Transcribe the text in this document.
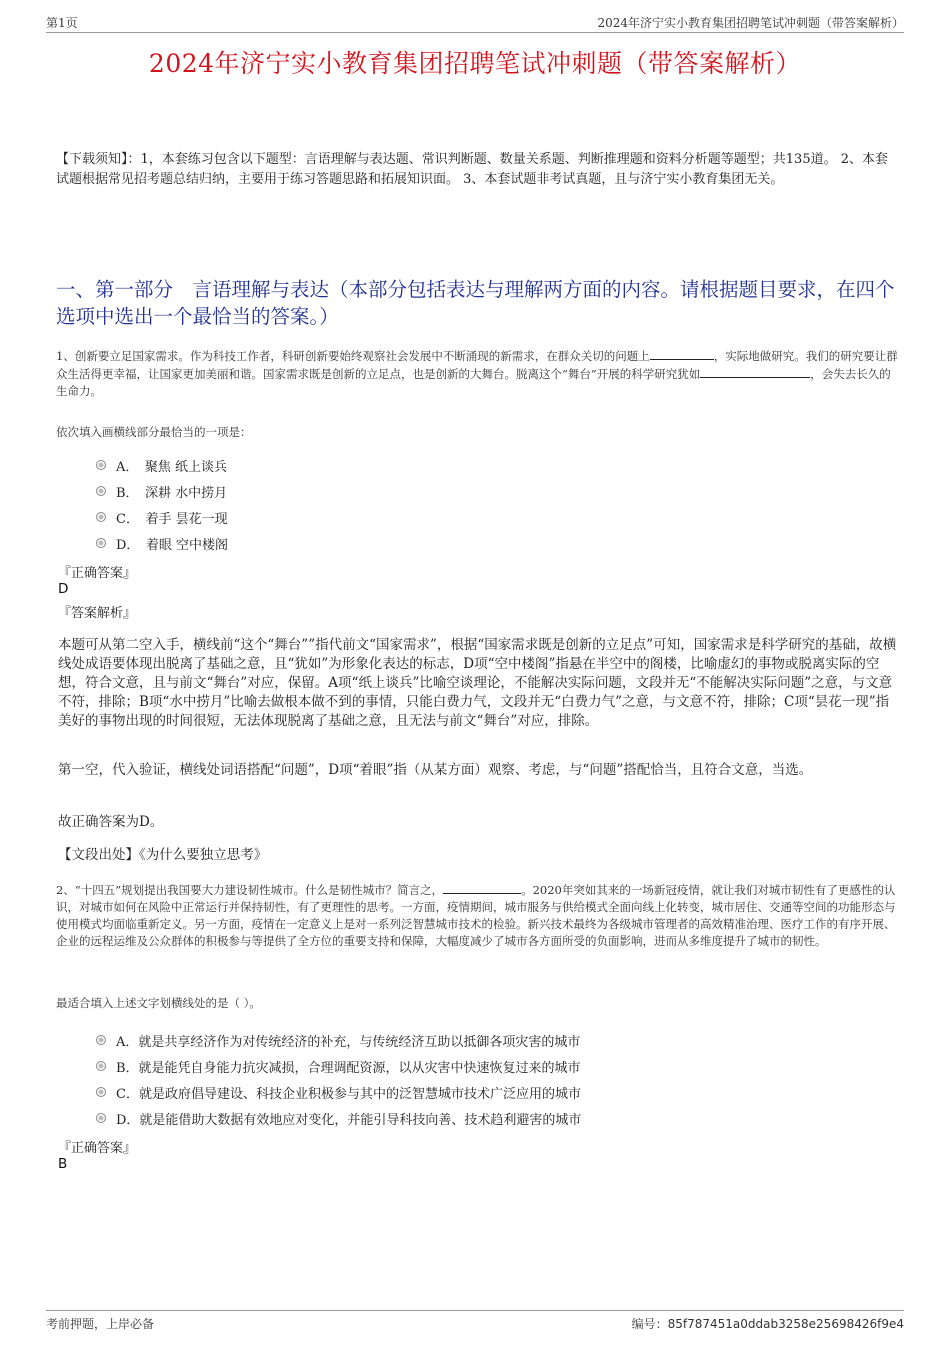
第1页	2024年济宁实小教育集团招聘笔试冲刺题（带答案解析）
2024年济宁实小教育集团招聘笔试冲刺题（带答案解析）
【下载须知】：1，本套练习包含以下题型：言语理解与表达题、常识判断题、数量关系题、判断推理题和资料分析题等题型；共135道。 2、本套试题根据常见招考题总结归纳，主要用于练习答题思路和拓展知识面。 3、本套试题非考试真题，且与济宁实小教育集团无关。
一、第一部分　言语理解与表达（本部分包括表达与理解两方面的内容。请根据题目要求，在四个选项中选出一个最恰当的答案。）
1、创新要立足国家需求。作为科技工作者，科研创新要始终观察社会发展中不断涌现的新需求，在群众关切的问题上	，实际地做研究。我们的研究要让群众生活得更幸福，让国家更加美丽和谐。国家需求既是创新的立足点，也是创新的大舞台。脱离这个“舞台”开展的科学研究犹如	，会失去长久的生命力。
依次填入画横线部分最恰当的一项是：
A．　聚焦 纸上谈兵
B．　深耕 水中捞月
C．　着手 昙花一现
D．　着眼 空中楼阁
『正确答案』
D
『答案解析』
本题可从第二空入手，横线前“这个“舞台””指代前文“国家需求”，根据“国家需求既是创新的立足点”可知，国家需求是科学研究的基础，故横线处成语要体现出脱离了基础之意，且“犹如”为形象化表达的标志，D项“空中楼阁”指悬在半空中的阁楼，比喻虚幻的事物或脱离实际的空想，符合文意，且与前文“舞台”对应，保留。A项“纸上谈兵”比喻空谈理论，不能解决实际问题，文段并无“不能解决实际问题”之意，与文意不符，排除；B项“水中捞月”比喻去做根本做不到的事情，只能白费力气，文段并无“白费力气”之意，与文意不符，排除；C项“昙花一现”指美好的事物出现的时间很短，无法体现脱离了基础之意，且无法与前文“舞台”对应，排除。
第一空，代入验证，横线处词语搭配“问题”，D项“着眼”指（从某方面）观察、考虑，与“问题”搭配恰当，且符合文意，当选。
故正确答案为D。
【文段出处】《为什么要独立思考》
2、“十四五”规划提出我国要大力建设韧性城市。什么是韧性城市？简言之，	。2020年突如其来的一场新冠疫情，就让我们对城市韧性有了更感性的认识，对城市如何在风险中正常运行并保持韧性，有了更理性的思考。一方面，疫情期间，城市服务与供给模式全面向线上化转变，城市居住、交通等空间的功能形态与使用模式均面临重新定义。另一方面，疫情在一定意义上是对一系列泛智慧城市技术的检验。新兴技术最终为各级城市管理者的高效精准治理、医疗工作的有序开展、企业的远程运维及公众群体的积极参与等提供了全方位的重要支持和保障，大幅度减少了城市各方面所受的负面影响，进而从多维度提升了城市的韧性。
最适合填入上述文字划横线处的是（ ）。
A．就是共享经济作为对传统经济的补充，与传统经济互助以抵御各项灾害的城市
B．就是能凭自身能力抗灾减损，合理调配资源，以从灾害中快速恢复过来的城市
C．就是政府倡导建设、科技企业积极参与其中的泛智慧城市技术广泛应用的城市
D．就是能借助大数据有效地应对变化，并能引导科技向善、技术趋利避害的城市
『正确答案』
B
考前押题，上岸必备	编号：85f787451a0ddab3258e25698426f9e4
